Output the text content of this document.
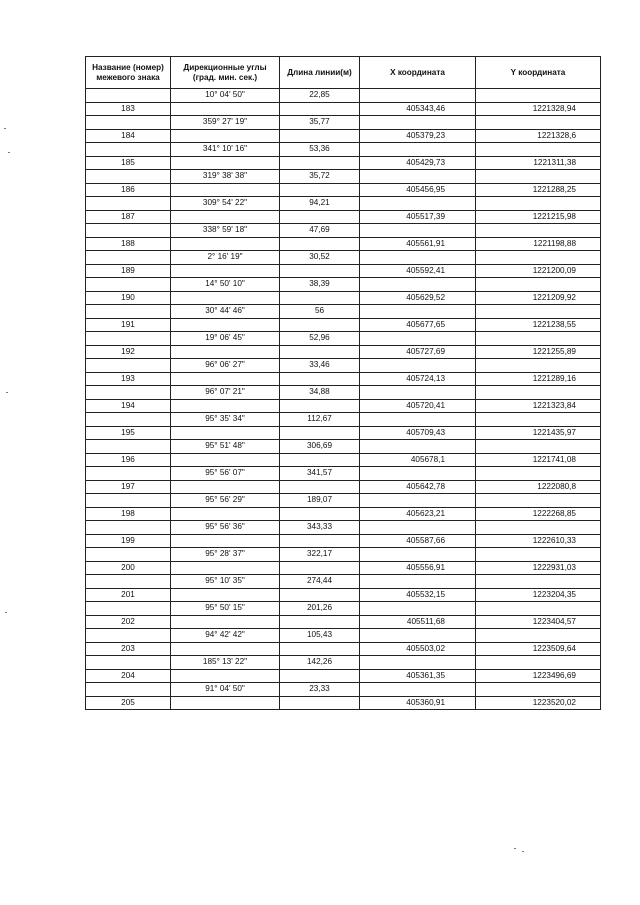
Название (номер) межевого знака	Дирекционные углы (град. мин. сек.)	Длина линии(м)	X координата	Y координата
	10° 04' 50"	22,85		
183			405343,46	1221328,94
	359° 27' 19"	35,77		
184			405379,23	1221328,6
	341° 10' 16"	53,36		
185			405429,73	1221311,38
	319° 38' 38"	35,72		
186			405456,95	1221288,25
	309° 54' 22"	94,21		
187			405517,39	1221215,98
	338° 59' 18"	47,69		
188			405561,91	1221198,88
	2° 16' 19"	30,52		
189			405592,41	1221200,09
	14° 50' 10"	38,39		
190			405629,52	1221209,92
	30° 44' 46"	56		
191			405677,65	1221238,55
	19° 06' 45"	52,96		
192			405727,69	1221255,89
	96° 06' 27"	33,46		
193			405724,13	1221289,16
	96° 07' 21"	34,88		
194			405720,41	1221323,84
	95° 35' 34"	112,67		
195			405709,43	1221435,97
	95° 51' 48"	306,69		
196			405678,1	1221741,08
	95° 56' 07"	341,57		
197			405642,78	1222080,8
	95° 56' 29"	189,07		
198			405623,21	1222268,85
	95° 56' 36"	343,33		
199			405587,66	1222610,33
	95° 28' 37"	322,17		
200			405556,91	1222931,03
	95° 10' 35"	274,44		
201			405532,15	1223204,35
	95° 50' 15"	201,26		
202			405511,68	1223404,57
	94° 42' 42"	105,43		
203			405503,02	1223509,64
	185° 13' 22"	142,26		
204			405361,35	1223496,69
	91° 04' 50"	23,33		
205			405360,91	1223520,02
